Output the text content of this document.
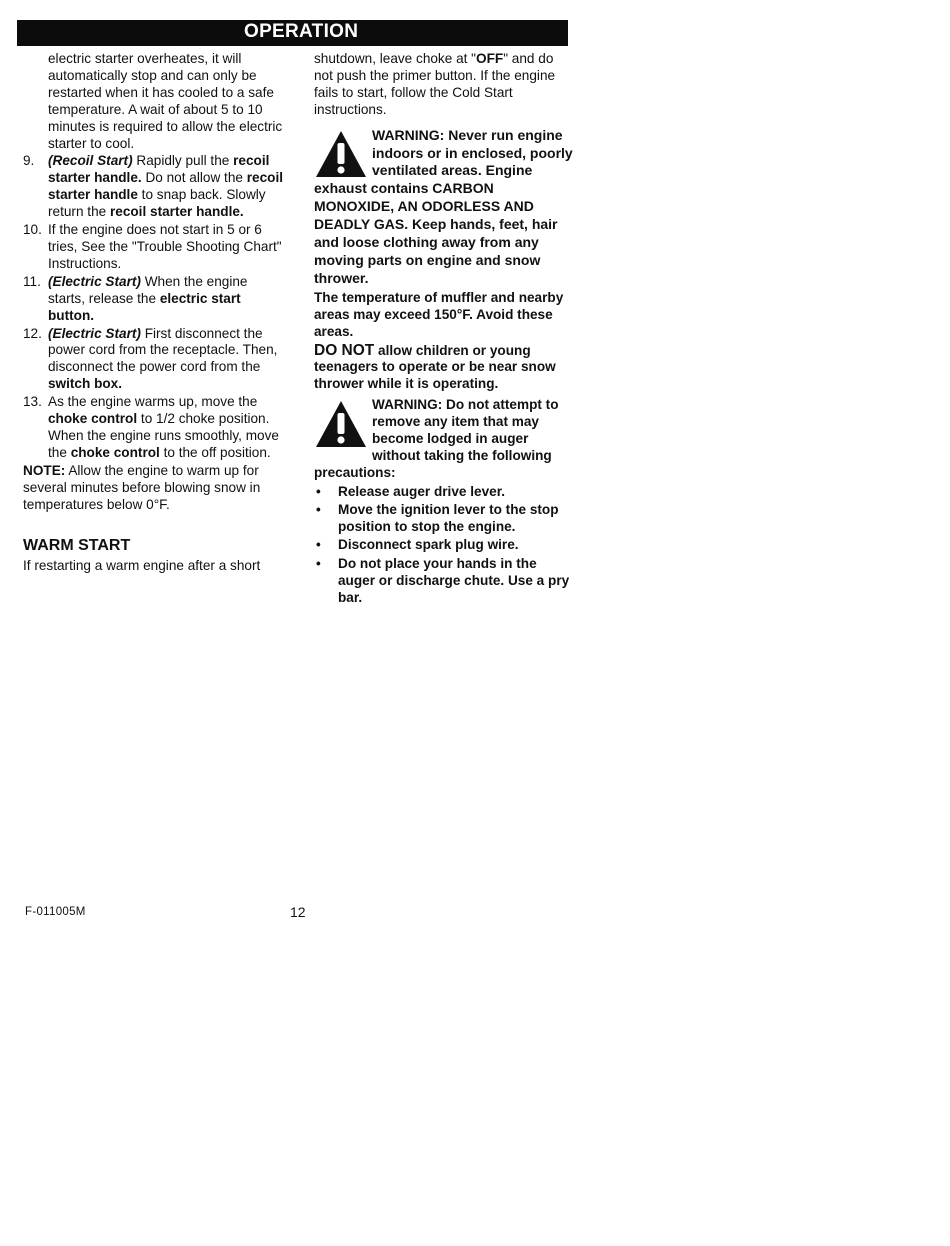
OPERATION

electric starter overheates, it will automatically stop and can only be restarted when it has cooled to a safe temperature. A wait of about 5 to 10 minutes is required to allow the electric starter to cool.

9. (Recoil Start) Rapidly pull the recoil starter handle. Do not allow the recoil starter handle to snap back. Slowly return the recoil starter handle.
10. If the engine does not start in 5 or 6 tries, See the "Trouble Shooting Chart" Instructions.
11. (Electric Start) When the engine starts, release the electric start button.
12. (Electric Start) First disconnect the power cord from the receptacle. Then, disconnect the power cord from the switch box.
13. As the engine warms up, move the choke control to 1/2 choke position. When the engine runs smoothly, move the choke control to the off position.

NOTE: Allow the engine to warm up for several minutes before blowing snow in temperatures below 0°F.

WARM START

If restarting a warm engine after a short

shutdown, leave choke at "OFF" and do not push the primer button. If the engine fails to start, follow the Cold Start instructions.

WARNING: Never run engine indoors or in enclosed, poorly ventilated areas. Engine exhaust contains CARBON MONOXIDE, AN ODORLESS AND DEADLY GAS. Keep hands, feet, hair and loose clothing away from any moving parts on engine and snow thrower.

The temperature of muffler and nearby areas may exceed 150°F. Avoid these areas.

DO NOT allow children or young teenagers to operate or be near snow thrower while it is operating.

WARNING: Do not attempt to remove any item that may become lodged in auger without taking the following precautions:
• Release auger drive lever.
• Move the ignition lever to the stop position to stop the engine.
• Disconnect spark plug wire.
• Do not place your hands in the auger or discharge chute. Use a pry bar.
F-011005M	12
